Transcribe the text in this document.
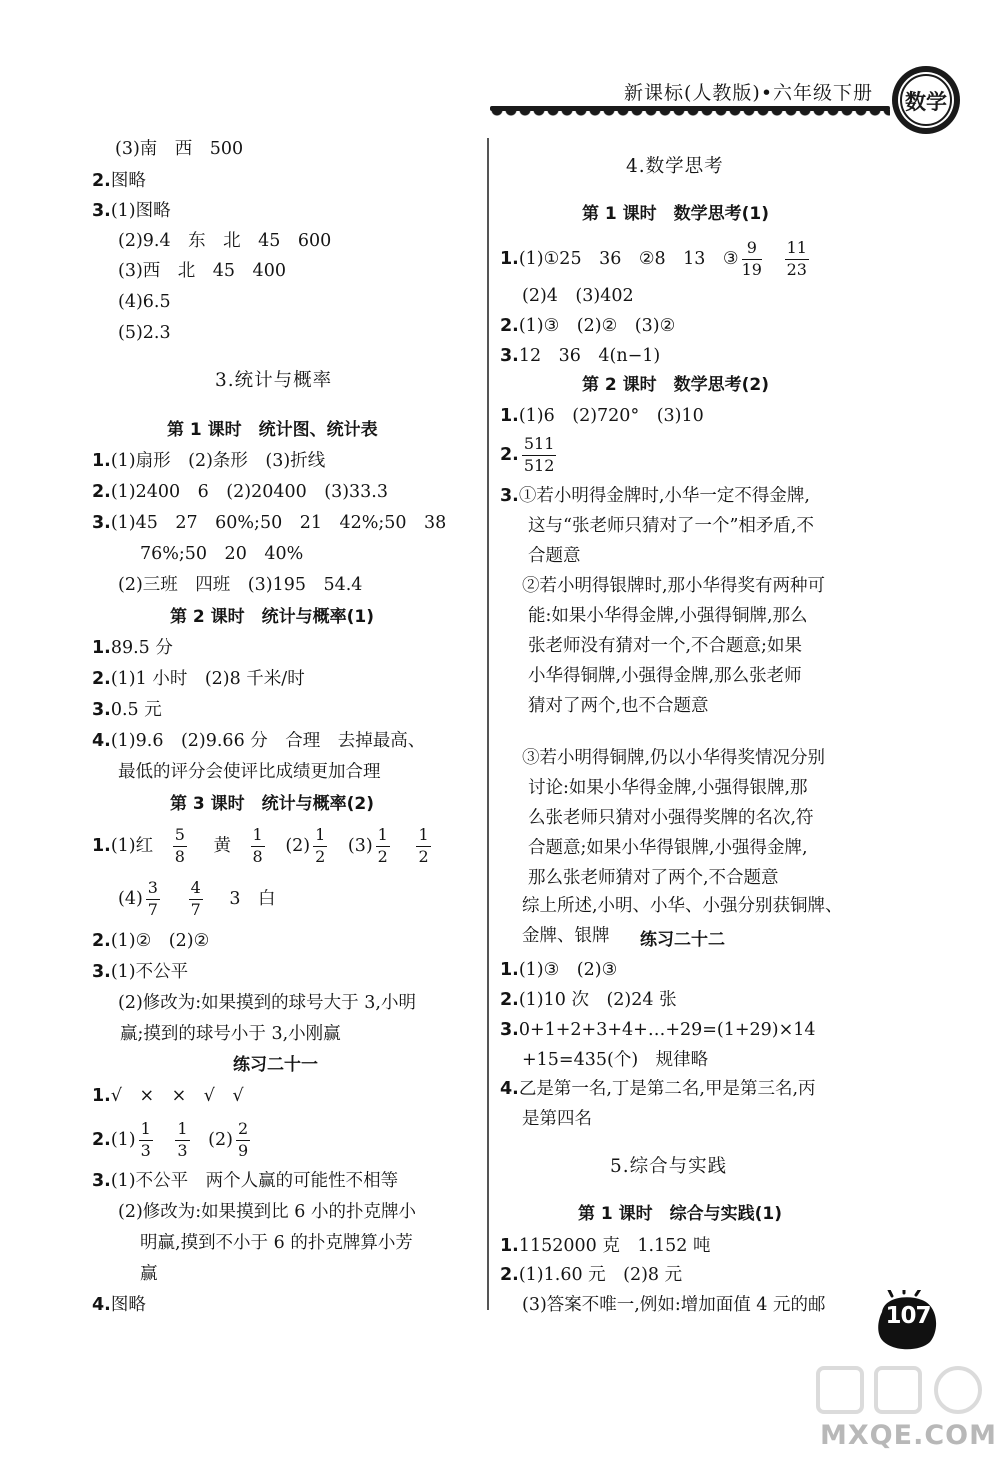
新课标(人教版)•六年级下册	数学
(3)南　西　500
2.图略
3.(1)图略
(2)9.4　东　北　45　600
(3)西　北　45　400
(4)6.5
(5)2.3
3.统计与概率
第 1 课时　统计图、统计表
1.(1)扇形　(2)条形　(3)折线
2.(1)2400　6　(2)20400　(3)33.3
3.(1)45　27　60%;50　21　42%;50　38
76%;50　20　40%
(2)三班　四班　(3)195　54.4
第 2 课时　统计与概率(1)
1.89.5 分
2.(1)1 小时　(2)8 千米/时
3.0.5 元
4.(1)9.6　(2)9.66 分　合理　去掉最高、
最低的评分会使评比成绩更加合理
第 3 课时　统计与概率(2)
1.(1)红 $\frac{5}{8}$ 黄 $\frac{1}{8} (2) \frac{1}{2} (3) \frac{1}{2}$
$\frac{1}{2}$
$(4) \frac{3}{7}$
$\frac{4}{7} 3$　白
2.(1)②　(2)②
3.(1)不公平
(2)修改为:如果摸到的球号大于 3,小明
赢;摸到的球号小于 3,小刚赢
练习二十一
1.√　×　×　√　√
$2.(1) \frac{1}{3}$
$\frac{1}{3} (2) \frac{2}{9}$
3.(1)不公平　两个人赢的可能性不相等
(2)修改为:如果摸到比 6 小的扑克牌小
明赢,摸到不小于 6 的扑克牌算小芳
赢
4.图略
4.数学思考
第 1 课时　数学思考(1)
1.(1)①25　36　②8　13　③ $\frac{9}{19}$
$\frac{11}{23}$
(2)4　(3)402
2.(1)③　(2)②　(3)②
3.12　36　4(n−1)
第 2 课时　数学思考(2)
1.(1)6　(2)720°　(3)10
2. $\frac{511}{512}$
3.①若小明得金牌时,小华一定不得金牌,
这与“张老师只猜对了一个”相矛盾,不
合题意
②若小明得银牌时,那小华得奖有两种可
能:如果小华得金牌,小强得铜牌,那么
张老师没有猜对一个,不合题意;如果
小华得铜牌,小强得金牌,那么张老师
猜对了两个,也不合题意
③若小明得铜牌,仍以小华得奖情况分别
讨论:如果小华得金牌,小强得银牌,那
么张老师只猜对小强得奖牌的名次,符
合题意;如果小华得银牌,小强得金牌,
那么张老师猜对了两个,不合题意
综上所述,小明、小华、小强分别获铜牌、
金牌、银牌 练习二十二
1.(1)③　(2)③
2.(1)10 次　(2)24 张
3.0+1+2+3+4+…+29=(1+29)×14
+15=435(个)　规律略
4.乙是第一名,丁是第二名,甲是第三名,丙
是第四名
5.综合与实践
第 1 课时　综合与实践(1)
1.1152000 克　1.152 吨
2.(1)1.60 元　(2)8 元
(3)答案不唯一,例如:增加面值 4 元的邮	107
MXQE.COM
